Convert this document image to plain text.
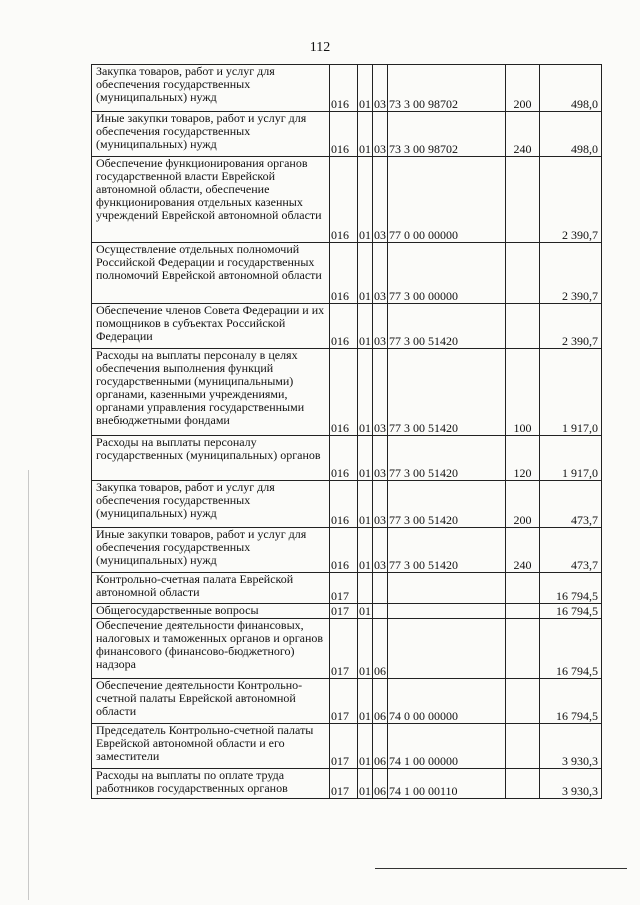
112
Закупка товаров, работ и услуг для обеспечения государственных (муниципальных) нужд	016	01	03	73 3 00 98702	200	498,0
Иные закупки товаров, работ и услуг для обеспечения государственных (муниципальных) нужд	016	01	03	73 3 00 98702	240	498,0
Обеспечение функционирования органов государственной власти Еврейской автономной области, обеспечение функционирования отдельных казенных учреждений Еврейской автономной области	016	01	03	77 0 00 00000		2 390,7
Осуществление отдельных полномочий Российской Федерации и государственных полномочий Еврейской автономной области	016	01	03	77 3 00 00000		2 390,7
Обеспечение членов Совета Федерации и их помощников в субъектах Российской Федерации	016	01	03	77 3 00 51420		2 390,7
Расходы на выплаты персоналу в целях обеспечения выполнения функций государственными (муниципальными) органами, казенными учреждениями, органами управления государственными внебюджетными фондами	016	01	03	77 3 00 51420	100	1 917,0
Расходы на выплаты персоналу государственных (муниципальных) органов	016	01	03	77 3 00 51420	120	1 917,0
Закупка товаров, работ и услуг для обеспечения государственных (муниципальных) нужд	016	01	03	77 3 00 51420	200	473,7
Иные закупки товаров, работ и услуг для обеспечения государственных (муниципальных) нужд	016	01	03	77 3 00 51420	240	473,7
Контрольно-счетная палата Еврейской автономной области	017					16 794,5
Общегосударственные вопросы	017	01				16 794,5
Обеспечение деятельности финансовых, налоговых и таможенных органов и органов финансового (финансово-бюджетного) надзора	017	01	06			16 794,5
Обеспечение деятельности Контрольно-счетной палаты Еврейской автономной области	017	01	06	74 0 00 00000		16 794,5
Председатель Контрольно-счетной палаты Еврейской автономной области и его заместители	017	01	06	74 1 00 00000		3 930,3
Расходы на выплаты по оплате труда работников государственных органов	017	01	06	74 1 00 00110		3 930,3
